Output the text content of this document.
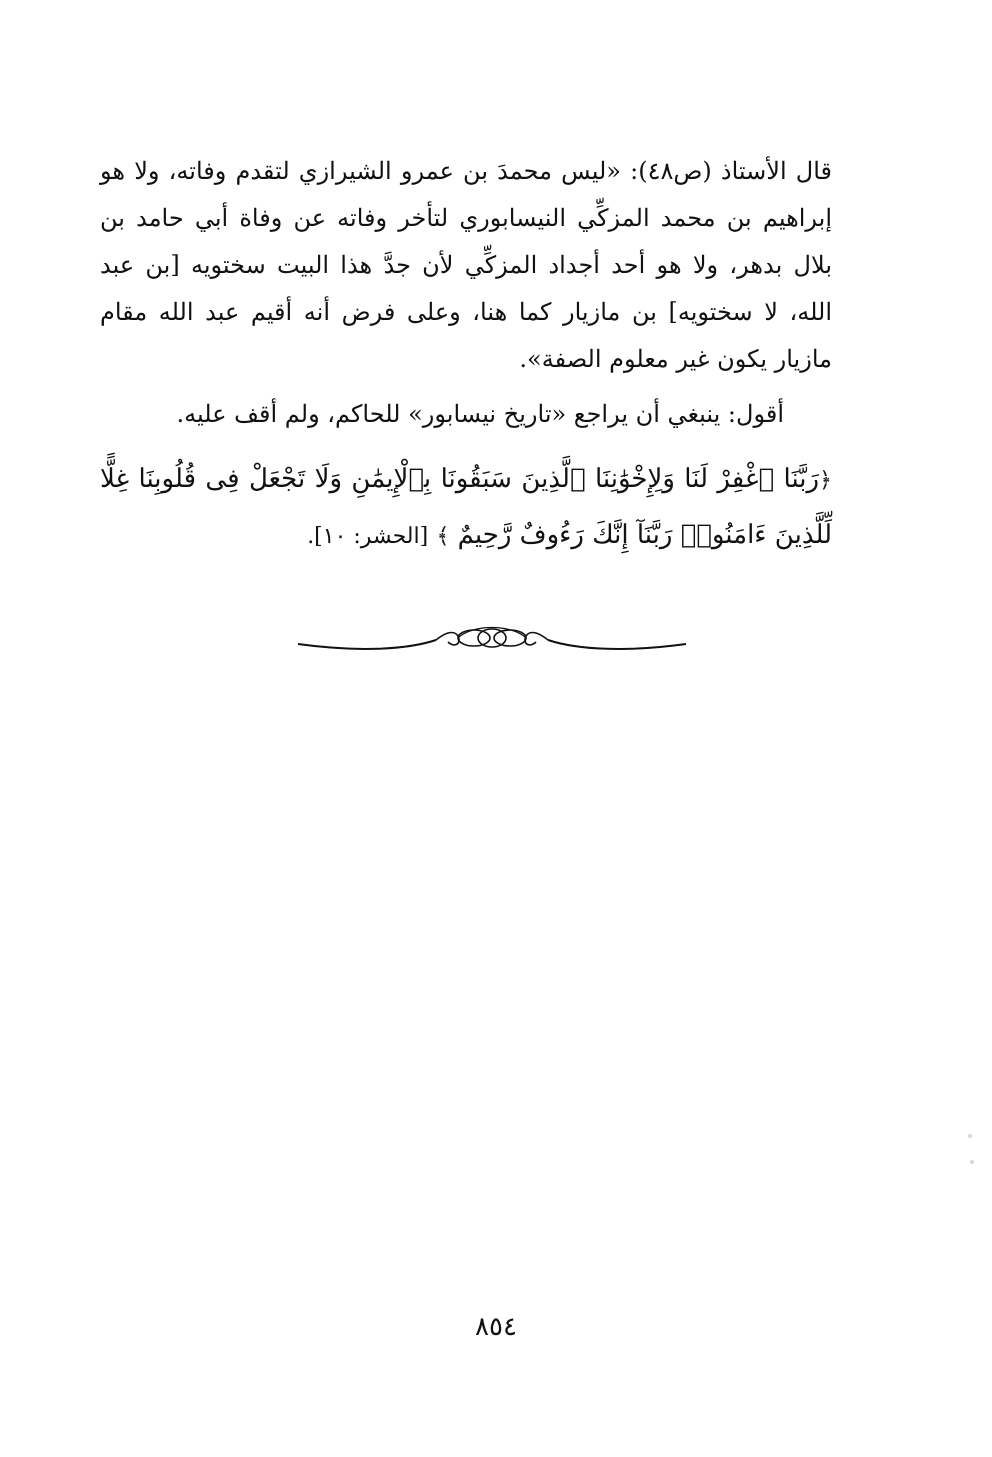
قال الأستاذ (ص٤٨): «ليس محمدَ بن عمرو الشيرازي لتقدم وفاته، ولا هو إبراهيم بن محمد المزكِّي النيسابوري لتأخر وفاته عن وفاة أبي حامد بن بلال بدهر، ولا هو أحد أجداد المزكِّي لأن جدَّ هذا البيت سختويه [بن عبد الله، لا سختويه] بن مازيار كما هنا، وعلى فرض أنه أقيم عبد الله مقام مازيار يكون غير معلوم الصفة».

أقول: ينبغي أن يراجع «تاريخ نيسابور» للحاكم، ولم أقف عليه.

﴿رَبَّنَا ٱغْفِرْ لَنَا وَلِإِخْوَٰنِنَا ٱلَّذِينَ سَبَقُونَا بِٱلْإِيمَٰنِ وَلَا تَجْعَلْ فِى قُلُوبِنَا غِلًّا لِّلَّذِينَ ءَامَنُوا۟ رَبَّنَآ إِنَّكَ رَءُوفٌ رَّحِيمٌ ﴾ [الحشر: ١٠].

٨٥٤
